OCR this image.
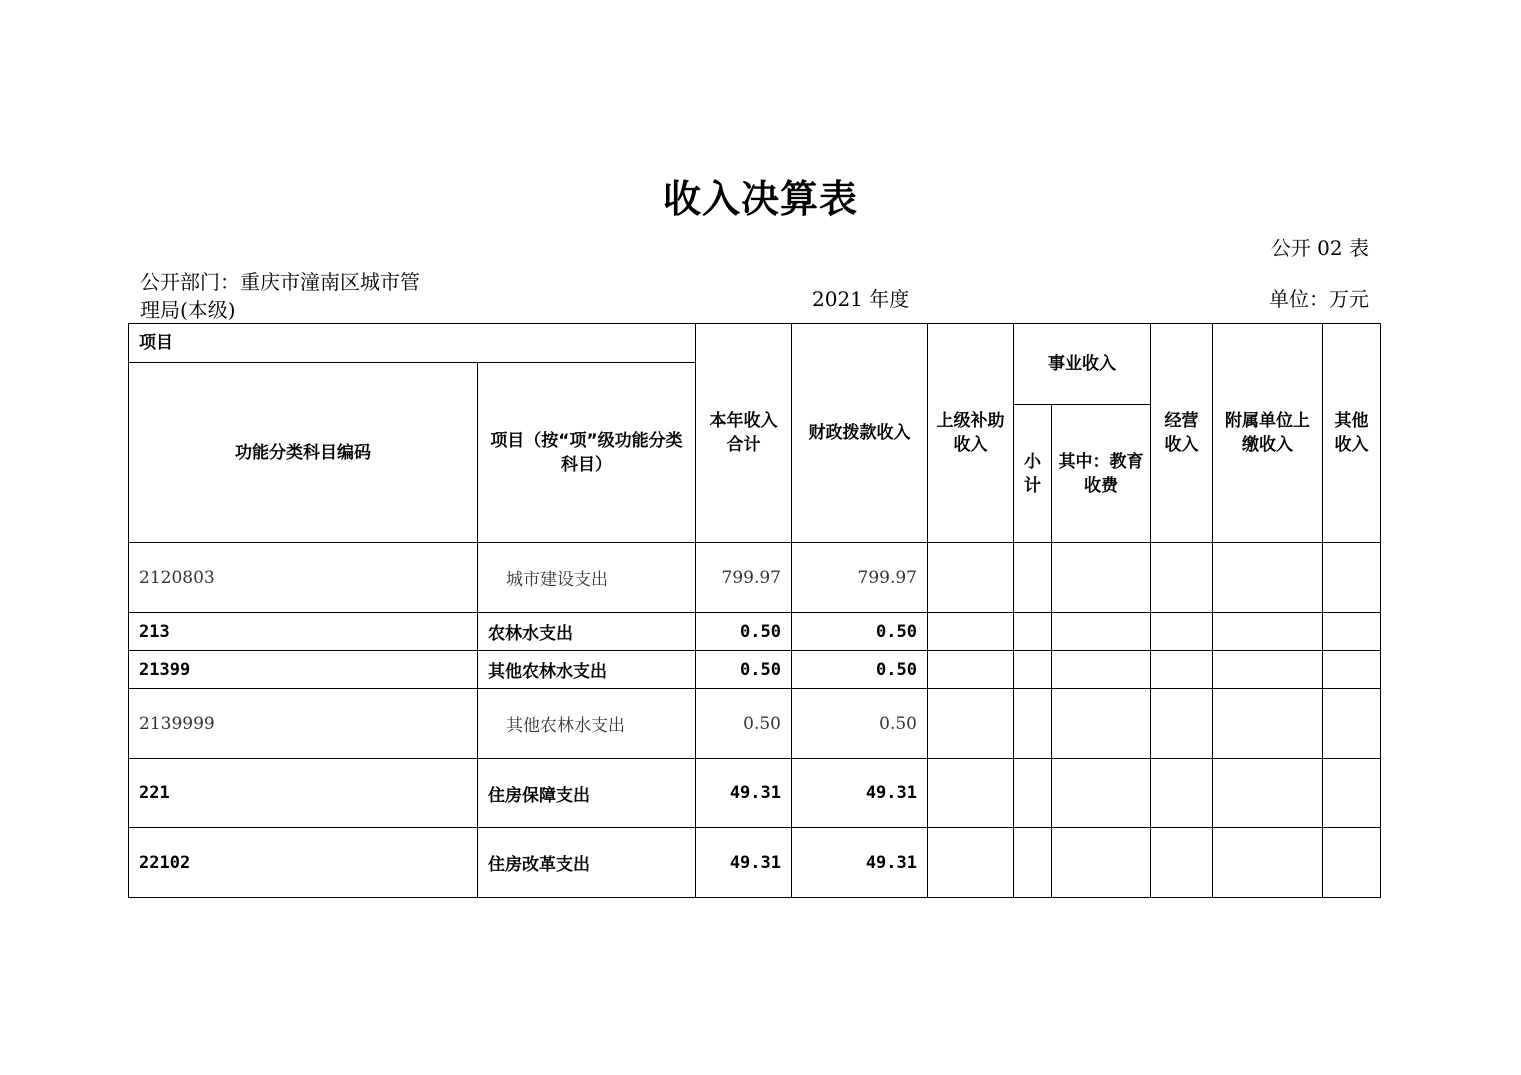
收入决算表
公开 02 表
公开部门：重庆市潼南区城市管理局(本级)	2021 年度	单位：万元
项目		本年收入合计	财政拨款收入	上级补助收入	事业收入		经营收入	附属单位上缴收入	其他收入
功能分类科目编码	项目（按“项”级功能分类科目）								
					小计	其中：教育收费			
2120803	城市建设支出	799.97	799.97						
213	农林水支出	0.50	0.50						
21399	其他农林水支出	0.50	0.50						
2139999	其他农林水支出	0.50	0.50						
221	住房保障支出	49.31	49.31						
22102	住房改革支出	49.31	49.31						
